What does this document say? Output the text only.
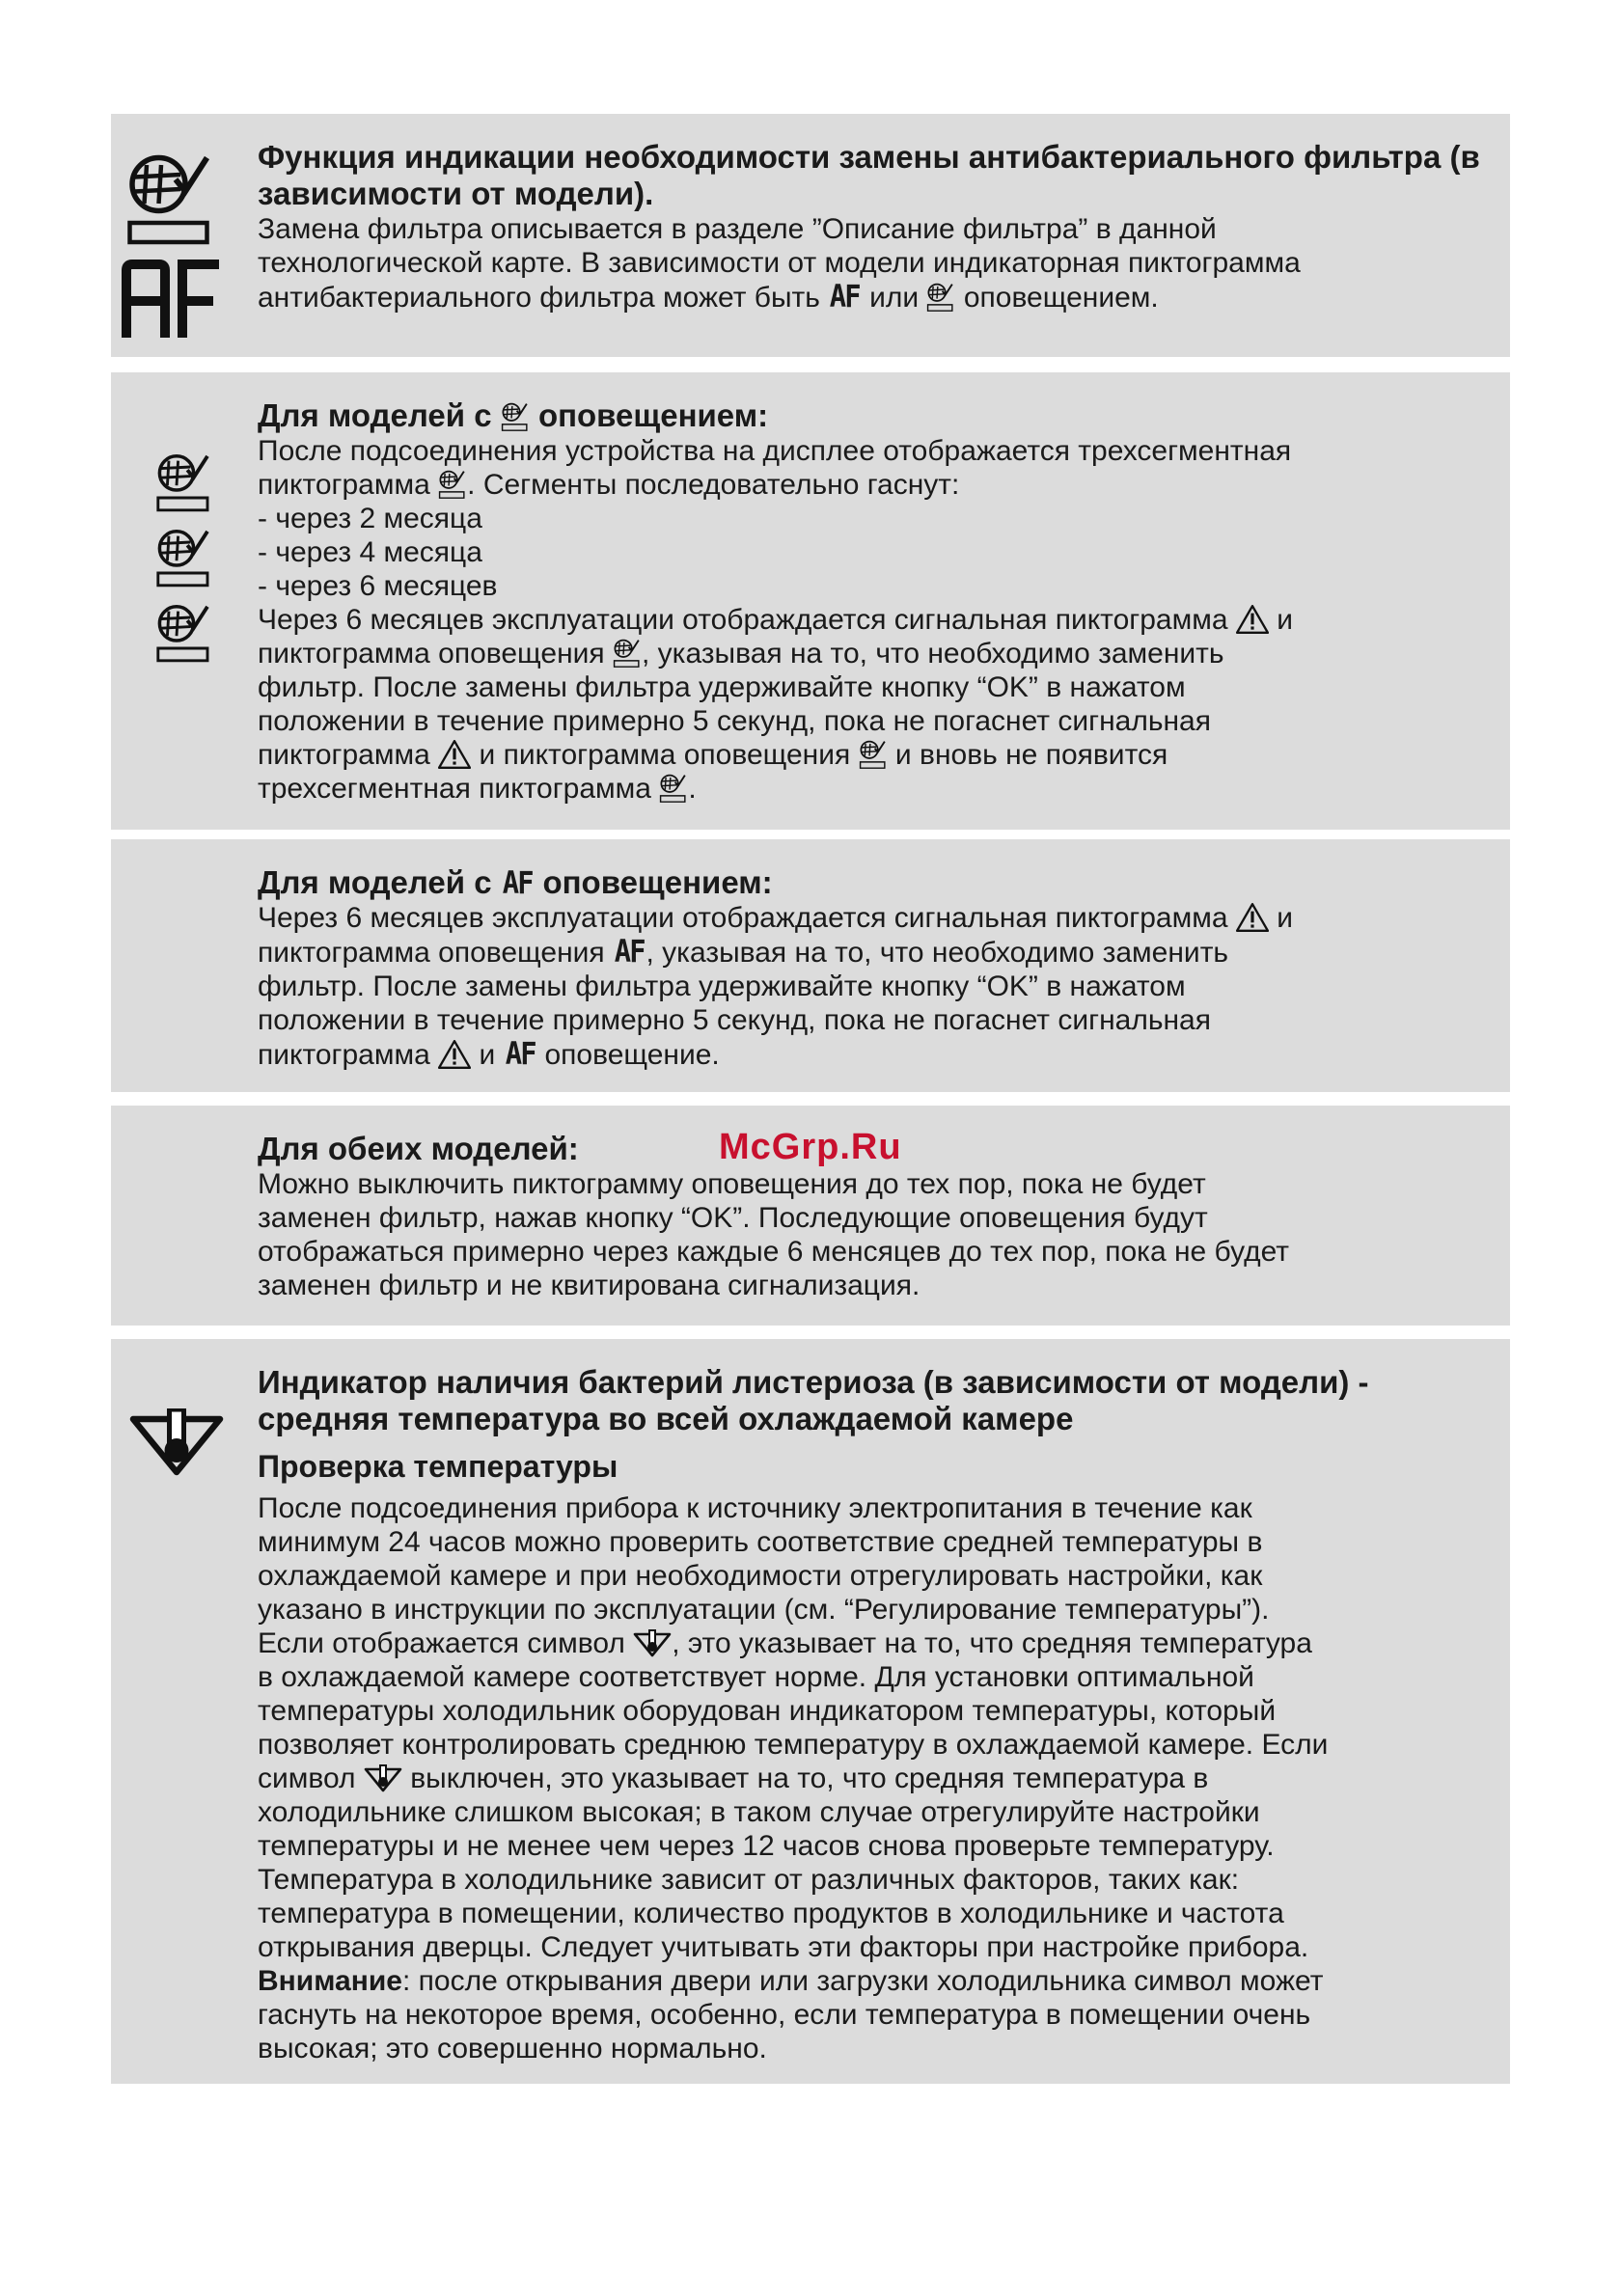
Функция индикации необходимости замены антибактериального фильтра (в зависимости от модели).

Замена фильтра описывается в разделе ”Описание фильтра” в данной

технологической карте. В зависимости от модели индикаторная пиктограмма

антибактериального фильтра может быть AF или оповещением.

Для моделей с оповещением:

После подсоединения устройства на дисплее отображается трехсегментная

пиктограмма . Сегменты последовательно гаснут:

- через 2 месяца
- через 4 месяца
- через 6 месяцев

Через 6 месяцев эксплуатации отображдается сигнальная пиктограмма и

пиктограмма оповещения , указывая на то, что необходимо заменить

фильтр. После замены фильтра удерживайте кнопку “OK” в нажатом

положении в течение примерно 5 секунд, пока не погаснет сигнальная

пиктограмма и пиктограмма оповещения и вновь не появится

трехсегментная пиктограмма .

Для моделей с AF оповещением:

Через 6 месяцев эксплуатации отображдается сигнальная пиктограмма и

пиктограмма оповещения AF, указывая на то, что необходимо заменить

фильтр. После замены фильтра удерживайте кнопку “OK” в нажатом

положении в течение примерно 5 секунд, пока не погаснет сигнальная

пиктограмма и AF оповещение.

Для обеих моделей:

Можно выключить пиктограмму оповещения до тех пор, пока не будет

заменен фильтр, нажав кнопку “OK”. Последующие оповещения будут

отображаться примерно через каждые 6 менсяцев до тех пор, пока не будет

заменен фильтр и не квитирована сигнализация.

McGrp.Ru
Индикатор наличия бактерий листериоза (в зависимости от модели) - средняя температура во всей охлаждаемой камере
Проверка температуры

После подсоединения прибора к источнику электропитания в течение как

минимум 24 часов можно проверить соответствие средней температуры в

охлаждаемой камере и при необходимости отрегулировать настройки, как

указано в инструкции по эксплуатации (см. “Регулирование температуры”).

Если отображается символ , это указывает на то, что средняя температура

в охлаждаемой камере соответствует норме. Для установки оптимальной

температуры холодильник оборудован индикатором температуры, который

позволяет контролировать среднюю температуру в охлаждаемой камере. Если

символ выключен, это указывает на то, что средняя температура в

холодильнике слишком высокая; в таком случае отрегулируйте настройки

температуры и не менее чем через 12 часов снова проверьте температуру.

Температура в холодильнике зависит от различных факторов, таких как:

температура в помещении, количество продуктов в холодильнике и частота

открывания дверцы. Следует учитывать эти факторы при настройке прибора.

Внимание: после открывания двери или загрузки холодильника символ может

гаснуть на некоторое время, особенно, если температура в помещении очень

высокая; это совершенно нормально.
